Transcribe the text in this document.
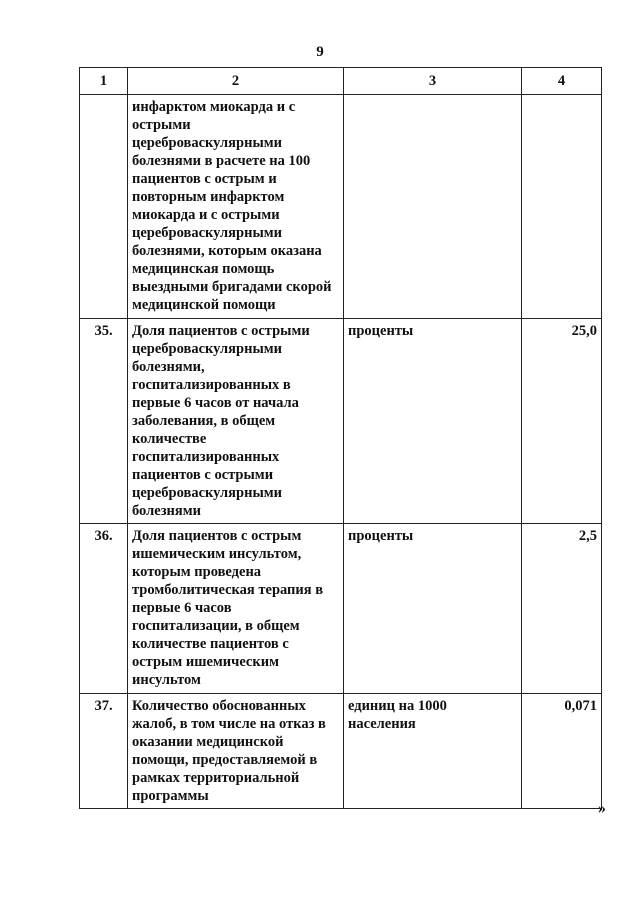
9
1	2	3	4
	инфарктом миокарда и с острыми цереброваскулярными болезнями в расчете на 100 пациентов с острым и повторным инфарктом миокарда и с острыми цереброваскулярными болезнями, которым оказана медицинская помощь выездными бригадами скорой медицинской помощи		
35.	Доля пациентов с острыми цереброваскулярными болезнями, госпитализированных в первые 6 часов от начала заболевания, в общем количестве госпитализированных пациентов с острыми цереброваскулярными болезнями	проценты	25,0
36.	Доля пациентов с острым ишемическим инсультом, которым проведена тромболитическая терапия в первые 6 часов госпитализации, в общем количестве пациентов с острым ишемическим инсультом	проценты	2,5
37.	Количество обоснованных жалоб, в том числе на отказ в оказании медицинской помощи, предоставляемой в рамках территориальной программы	единиц на 1000 населения	0,071
»
